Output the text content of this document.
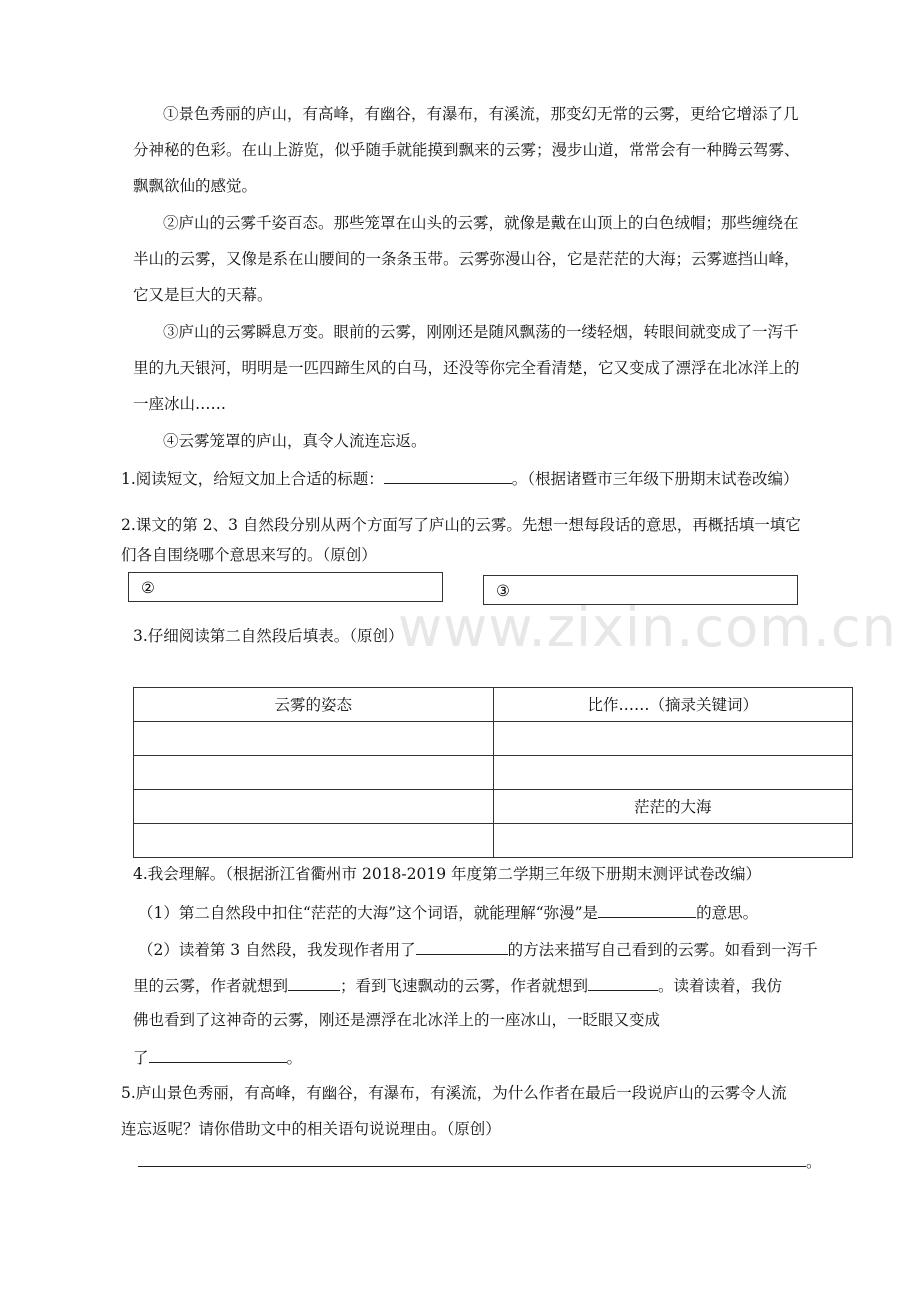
www.zixin.com.cn
①景色秀丽的庐山，有高峰，有幽谷，有瀑布，有溪流，那变幻无常的云雾，更给它增添了几
分神秘的色彩。在山上游览，似乎随手就能摸到飘来的云雾；漫步山道，常常会有一种腾云驾雾、
飘飘欲仙的感觉。
②庐山的云雾千姿百态。那些笼罩在山头的云雾，就像是戴在山顶上的白色绒帽；那些缠绕在
半山的云雾，又像是系在山腰间的一条条玉带。云雾弥漫山谷，它是茫茫的大海；云雾遮挡山峰，
它又是巨大的天幕。
③庐山的云雾瞬息万变。眼前的云雾，刚刚还是随风飘荡的一缕轻烟，转眼间就变成了一泻千
里的九天银河，明明是一匹四蹄生风的白马，还没等你完全看清楚，它又变成了漂浮在北冰洋上的
一座冰山……
④云雾笼罩的庐山，真令人流连忘返。
1.阅读短文，给短文加上合适的标题：	。（根据诸暨市三年级下册期末试卷改编）
2.课文的第 2、3 自然段分别从两个方面写了庐山的云雾。先想一想每段话的意思，再概括填一填它
们各自围绕哪个意思来写的。（原创）
②	③
3.仔细阅读第二自然段后填表。（原创）
云雾的姿态	比作……（摘录关键词）

	茫茫的大海

4.我会理解。（根据浙江省衢州市 2018-2019 年度第二学期三年级下册期末测评试卷改编）
（1）第二自然段中扣住“茫茫的大海”这个词语，就能理解“弥漫”是	的意思。
（2）读着第 3 自然段，我发现作者用了	的方法来描写自己看到的云雾。如看到一泻千
里的云雾，作者就想到	；看到飞速飘动的云雾，作者就想到	。读着读着，我仿
佛也看到了这神奇的云雾，刚还是漂浮在北冰洋上的一座冰山，一眨眼又变成
了	。
5.庐山景色秀丽，有高峰，有幽谷，有瀑布，有溪流，为什么作者在最后一段说庐山的云雾令人流
连忘返呢？请你借助文中的相关语句说说理由。（原创）
。
